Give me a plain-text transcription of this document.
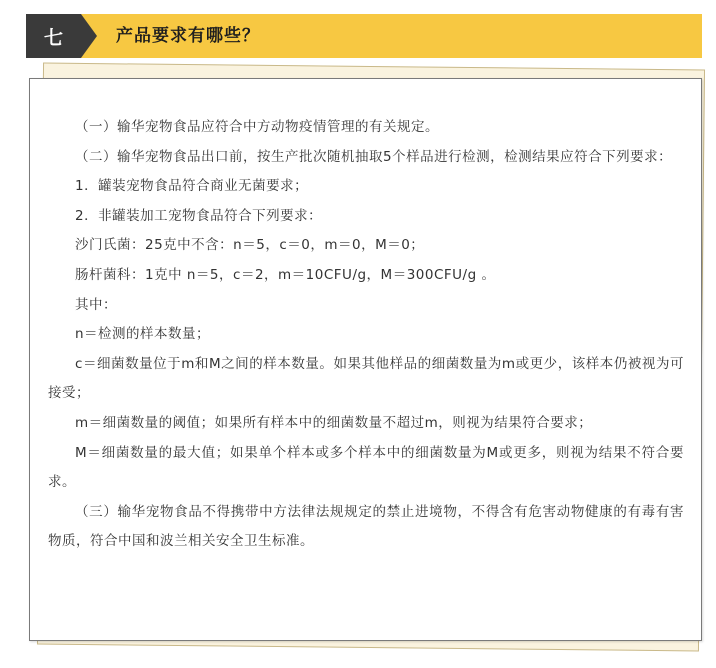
七	产品要求有哪些？

（一）输华宠物食品应符合中方动物疫情管理的有关规定。

（二）输华宠物食品出口前，按生产批次随机抽取5个样品进行检测，检测结果应符合下列要求：

1．罐装宠物食品符合商业无菌要求；

2．非罐装加工宠物食品符合下列要求：

沙门氏菌：25克中不含：n＝5，c＝0，m＝0，M＝0；

肠杆菌科：1克中 n＝5，c＝2，m＝10CFU/g，M＝300CFU/g 。

其中：

n＝检测的样本数量；

c＝细菌数量位于m和M之间的样本数量。如果其他样品的细菌数量为m或更少，该样本仍被视为可接受；

m＝细菌数量的阈值；如果所有样本中的细菌数量不超过m，则视为结果符合要求；

M＝细菌数量的最大值；如果单个样本或多个样本中的细菌数量为M或更多，则视为结果不符合要求。

（三）输华宠物食品不得携带中方法律法规规定的禁止进境物，不得含有危害动物健康的有毒有害物质，符合中国和波兰相关安全卫生标准。
